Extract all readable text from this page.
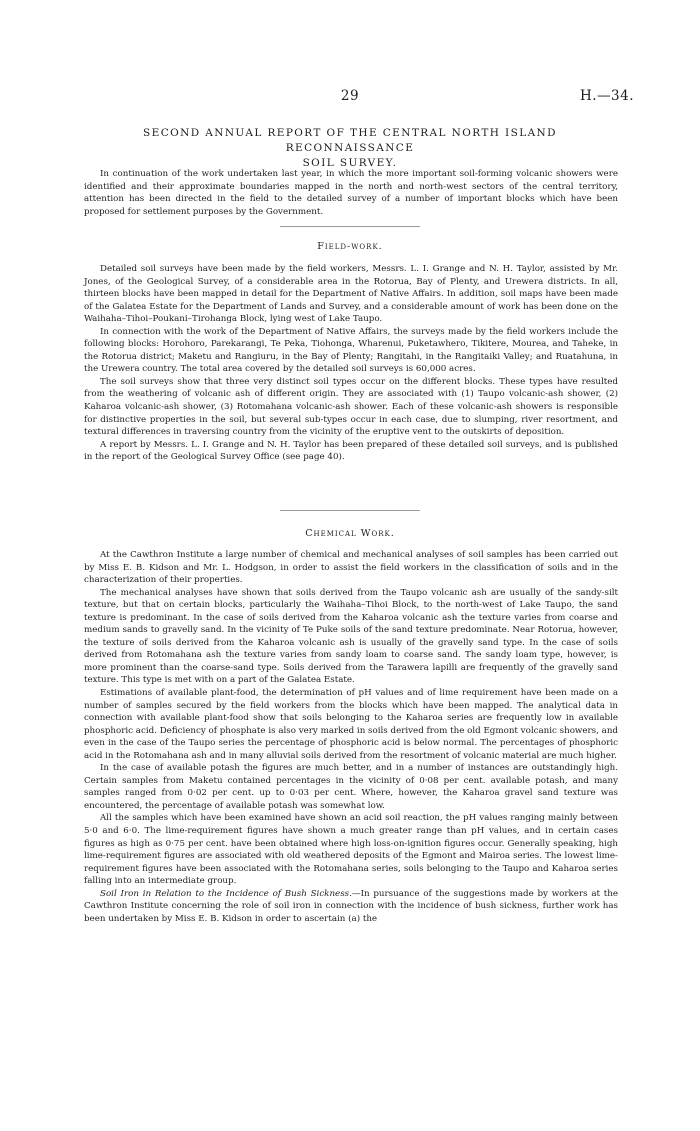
29	H.—34.
SECOND ANNUAL REPORT OF THE CENTRAL NORTH ISLAND RECONNAISSANCE
SOIL SURVEY.

In continuation of the work undertaken last year, in which the more important soil-forming volcanic showers were identified and their approximate boundaries mapped in the north and north-west sectors of the central territory, attention has been directed in the field to the detailed survey of a number of important blocks which have been proposed for settlement purposes by the Government.

Field-work.

Detailed soil surveys have been made by the field workers, Messrs. L. I. Grange and N. H. Taylor, assisted by Mr. Jones, of the Geological Survey, of a considerable area in the Rotorua, Bay of Plenty, and Urewera districts. In all, thirteen blocks have been mapped in detail for the Department of Native Affairs. In addition, soil maps have been made of the Galatea Estate for the Department of Lands and Survey, and a considerable amount of work has been done on the Waihaha–Tihoi–Poukani–Tirohanga Block, lying west of Lake Taupo.

In connection with the work of the Department of Native Affairs, the surveys made by the field workers include the following blocks: Horohoro, Parekarangi, Te Peka, Tiohonga, Wharenui, Puketawhero, Tikitere, Mourea, and Taheke, in the Rotorua district; Maketu and Rangiuru, in the Bay of Plenty; Rangitahi, in the Rangitaiki Valley; and Ruatahuna, in the Urewera country. The total area covered by the detailed soil surveys is 60,000 acres.

The soil surveys show that three very distinct soil types occur on the different blocks. These types have resulted from the weathering of volcanic ash of different origin. They are associated with (1) Taupo volcanic-ash shower, (2) Kaharoa volcanic-ash shower, (3) Rotomahana volcanic-ash shower. Each of these volcanic-ash showers is responsible for distinctive properties in the soil, but several sub-types occur in each case, due to slumping, river resortment, and textural differences in traversing country from the vicinity of the eruptive vent to the outskirts of deposition.

A report by Messrs. L. I. Grange and N. H. Taylor has been prepared of these detailed soil surveys, and is published in the report of the Geological Survey Office (see page 40).

Chemical Work.

At the Cawthron Institute a large number of chemical and mechanical analyses of soil samples has been carried out by Miss E. B. Kidson and Mr. L. Hodgson, in order to assist the field workers in the classification of soils and in the characterization of their properties.

The mechanical analyses have shown that soils derived from the Taupo volcanic ash are usually of the sandy-silt texture, but that on certain blocks, particularly the Waihaha–Tihoi Block, to the north-west of Lake Taupo, the sand texture is predominant. In the case of soils derived from the Kaharoa volcanic ash the texture varies from coarse and medium sands to gravelly sand. In the vicinity of Te Puke soils of the sand texture predominate. Near Rotorua, however, the texture of soils derived from the Kaharoa volcanic ash is usually of the gravelly sand type. In the case of soils derived from Rotomahana ash the texture varies from sandy loam to coarse sand. The sandy loam type, however, is more prominent than the coarse-sand type. Soils derived from the Tarawera lapilli are frequently of the gravelly sand texture. This type is met with on a part of the Galatea Estate.

Estimations of available plant-food, the determination of pH values and of lime requirement have been made on a number of samples secured by the field workers from the blocks which have been mapped. The analytical data in connection with available plant-food show that soils belonging to the Kaharoa series are frequently low in available phosphoric acid. Deficiency of phosphate is also very marked in soils derived from the old Egmont volcanic showers, and even in the case of the Taupo series the percentage of phosphoric acid is below normal. The percentages of phosphoric acid in the Rotomahana ash and in many alluvial soils derived from the resortment of volcanic material are much higher.

In the case of available potash the figures are much better, and in a number of instances are outstandingly high. Certain samples from Maketu contained percentages in the vicinity of 0·08 per cent. available potash, and many samples ranged from 0·02 per cent. up to 0·03 per cent. Where, however, the Kaharoa gravel sand texture was encountered, the percentage of available potash was somewhat low.

All the samples which have been examined have shown an acid soil reaction, the pH values ranging mainly between 5·0 and 6·0. The lime-requirement figures have shown a much greater range than pH values, and in certain cases figures as high as 0·75 per cent. have been obtained where high loss-on-ignition figures occur. Generally speaking, high lime-requirement figures are associated with old weathered deposits of the Egmont and Mairoa series. The lowest lime-requirement figures have been associated with the Rotomahana series, soils belonging to the Taupo and Kaharoa series falling into an intermediate group.

Soil Iron in Relation to the Incidence of Bush Sickness.—In pursuance of the suggestions made by workers at the Cawthron Institute concerning the role of soil iron in connection with the incidence of bush sickness, further work has been undertaken by Miss E. B. Kidson in order to ascertain (a) the
